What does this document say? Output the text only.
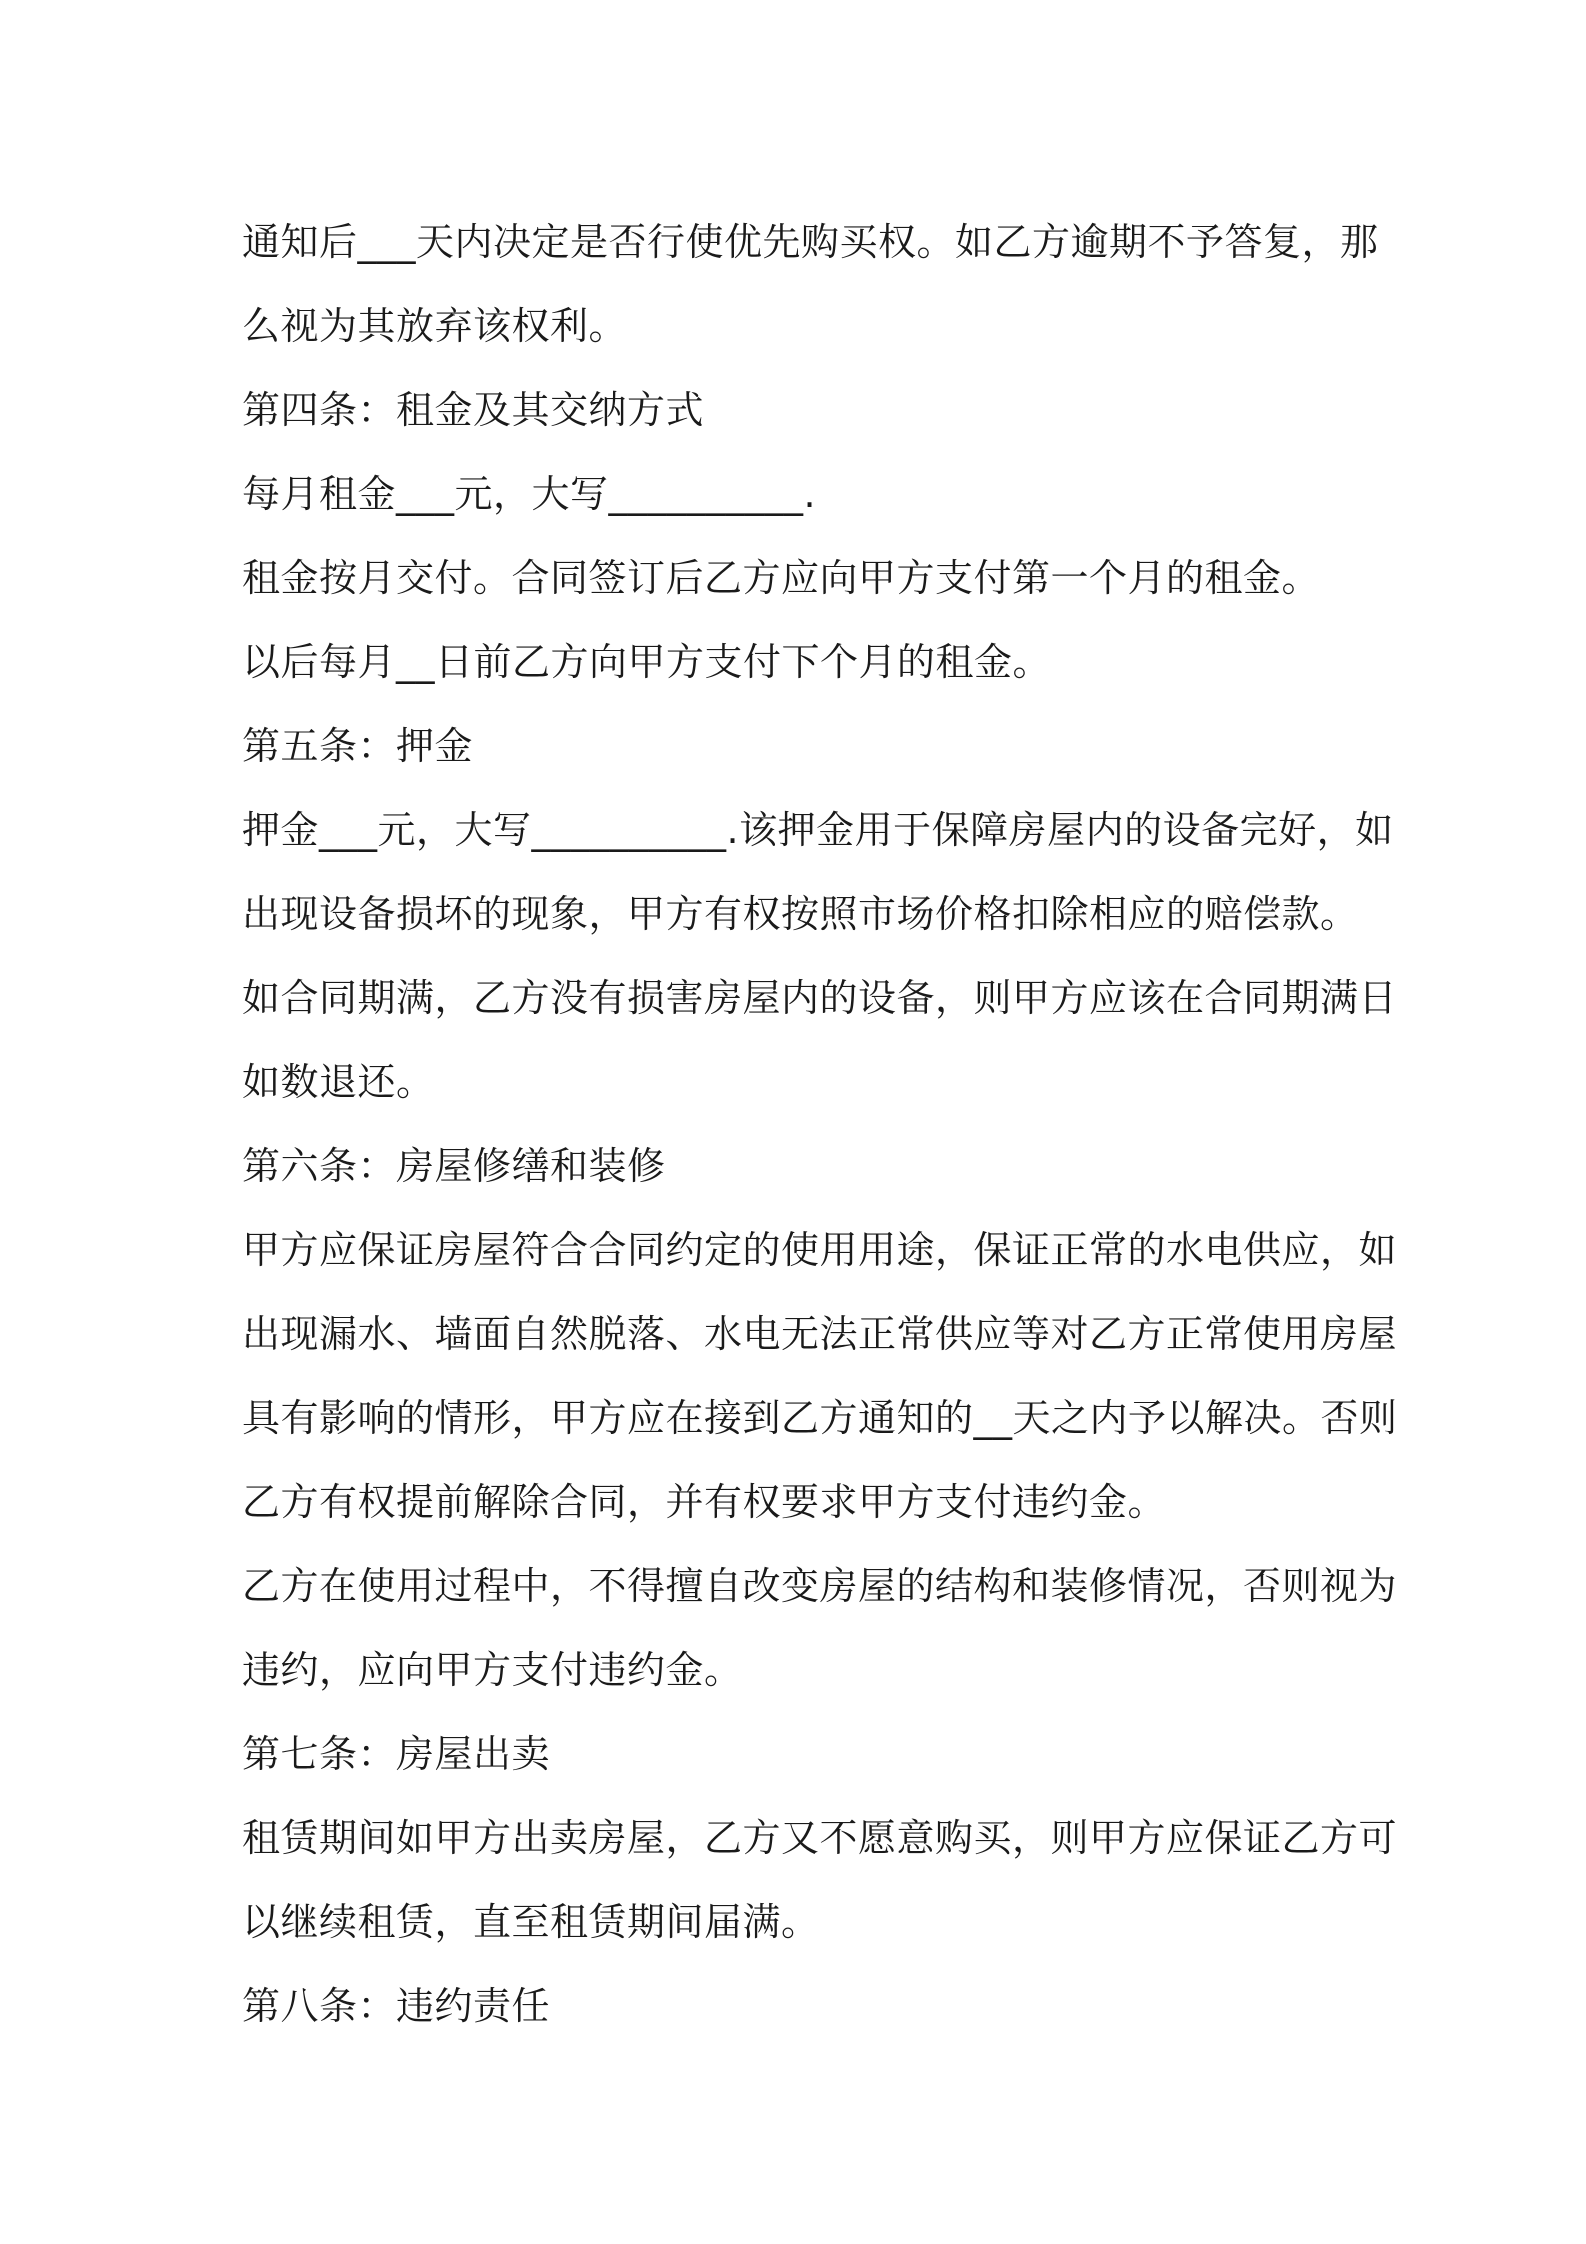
通知后___天内决定是否行使优先购买权。如乙方逾期不予答复，那
么视为其放弃该权利。
第四条：租金及其交纳方式
每月租金___元，大写__________.
租金按月交付。合同签订后乙方应向甲方支付第一个月的租金。
以后每月__日前乙方向甲方支付下个月的租金。
第五条：押金
押金___元，大写__________.该押金用于保障房屋内的设备完好，如
出现设备损坏的现象，甲方有权按照市场价格扣除相应的赔偿款。
如合同期满，乙方没有损害房屋内的设备，则甲方应该在合同期满日
如数退还。
第六条：房屋修缮和装修
甲方应保证房屋符合合同约定的使用用途，保证正常的水电供应，如
出现漏水、墙面自然脱落、水电无法正常供应等对乙方正常使用房屋
具有影响的情形，甲方应在接到乙方通知的__天之内予以解决。否则
乙方有权提前解除合同，并有权要求甲方支付违约金。
乙方在使用过程中，不得擅自改变房屋的结构和装修情况，否则视为
违约，应向甲方支付违约金。
第七条：房屋出卖
租赁期间如甲方出卖房屋，乙方又不愿意购买，则甲方应保证乙方可
以继续租赁，直至租赁期间届满。
第八条：违约责任
